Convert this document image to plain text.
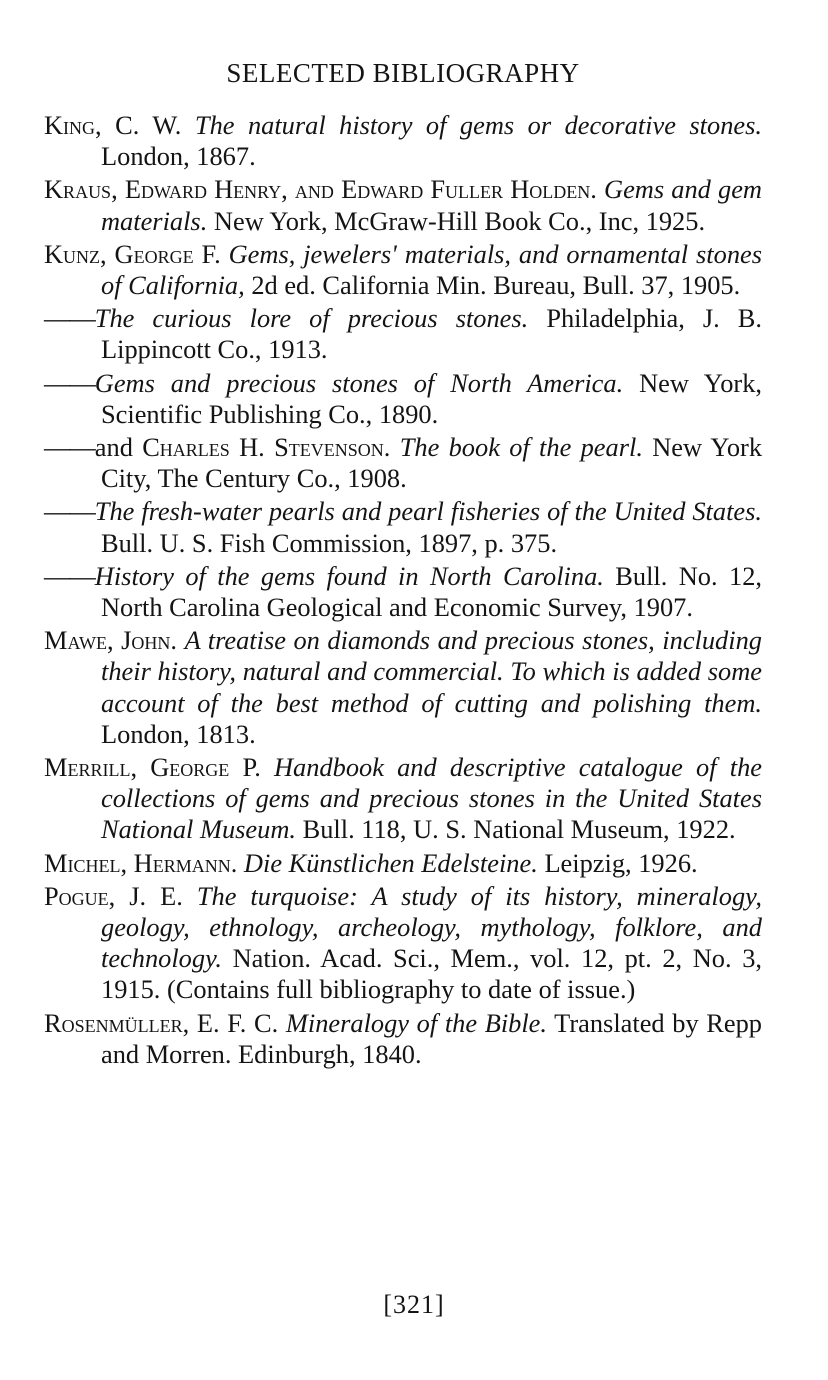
SELECTED BIBLIOGRAPHY

King, C. W. The natural history of gems or decorative stones. London, 1867.

Kraus, Edward Henry, and Edward Fuller Holden. Gems and gem materials. New York, McGraw-Hill Book Co., Inc, 1925.

Kunz, George F. Gems, jewelers' materials, and ornamental stones of California, 2d ed. California Min. Bureau, Bull. 37, 1905.

——The curious lore of precious stones. Philadelphia, J. B. Lippincott Co., 1913.

——Gems and precious stones of North America. New York, Scientific Publishing Co., 1890.

——and Charles H. Stevenson. The book of the pearl. New York City, The Century Co., 1908.

——The fresh-water pearls and pearl fisheries of the United States. Bull. U. S. Fish Commission, 1897, p. 375.

——History of the gems found in North Carolina. Bull. No. 12, North Carolina Geological and Economic Survey, 1907.

Mawe, John. A treatise on diamonds and precious stones, including their history, natural and commercial. To which is added some account of the best method of cutting and polishing them. London, 1813.

Merrill, George P. Handbook and descriptive catalogue of the collections of gems and precious stones in the United States National Museum. Bull. 118, U. S. National Museum, 1922.

Michel, Hermann. Die Künstlichen Edelsteine. Leipzig, 1926.

Pogue, J. E. The turquoise: A study of its history, mineralogy, geology, ethnology, archeology, mythology, folklore, and technology. Nation. Acad. Sci., Mem., vol. 12, pt. 2, No. 3, 1915. (Contains full bibliography to date of issue.)

Rosenmüller, E. F. C. Mineralogy of the Bible. Translated by Repp and Morren. Edinburgh, 1840.

[321]
